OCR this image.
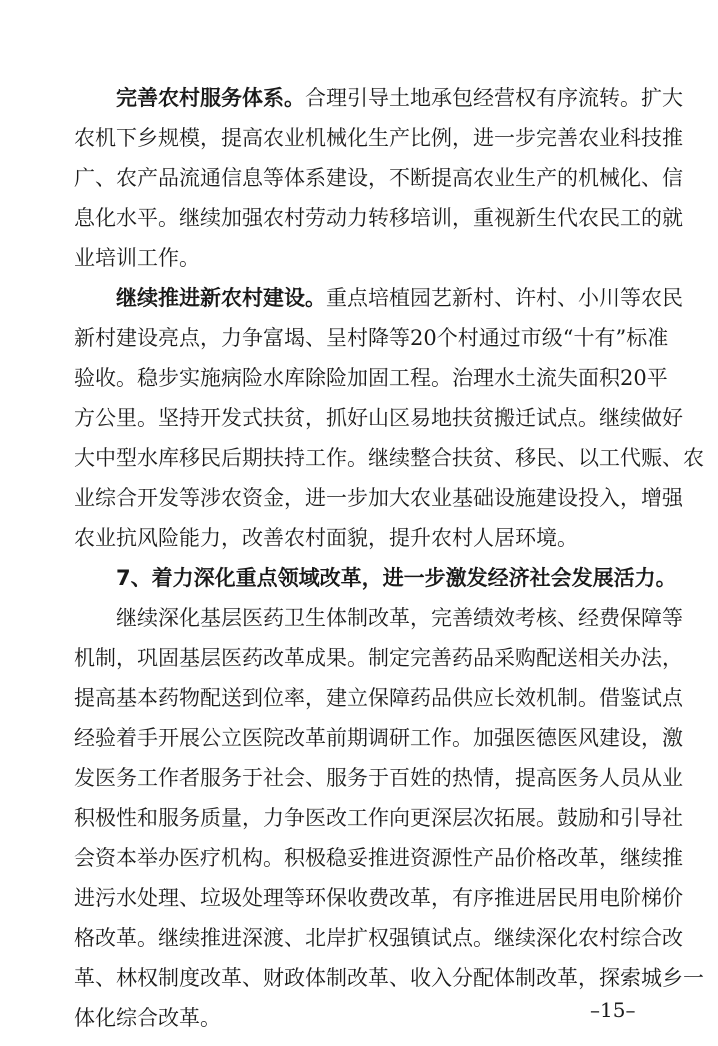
完善农村服务体系。合理引导土地承包经营权有序流转。扩大
农机下乡规模，提高农业机械化生产比例，进一步完善农业科技推
广、农产品流通信息等体系建设，不断提高农业生产的机械化、信
息化水平。继续加强农村劳动力转移培训，重视新生代农民工的就
业培训工作。
继续推进新农村建设。重点培植园艺新村、许村、小川等农民
新村建设亮点，力争富堨、呈村降等20个村通过市级“十有”标准
验收。稳步实施病险水库除险加固工程。治理水土流失面积20平
方公里。坚持开发式扶贫，抓好山区易地扶贫搬迁试点。继续做好
大中型水库移民后期扶持工作。继续整合扶贫、移民、以工代赈、农
业综合开发等涉农资金，进一步加大农业基础设施建设投入，增强
农业抗风险能力，改善农村面貌，提升农村人居环境。
7、着力深化重点领域改革，进一步激发经济社会发展活力。
继续深化基层医药卫生体制改革，完善绩效考核、经费保障等
机制，巩固基层医药改革成果。制定完善药品采购配送相关办法，
提高基本药物配送到位率，建立保障药品供应长效机制。借鉴试点
经验着手开展公立医院改革前期调研工作。加强医德医风建设，激
发医务工作者服务于社会、服务于百姓的热情，提高医务人员从业
积极性和服务质量，力争医改工作向更深层次拓展。鼓励和引导社
会资本举办医疗机构。积极稳妥推进资源性产品价格改革，继续推
进污水处理、垃圾处理等环保收费改革，有序推进居民用电阶梯价
格改革。继续推进深渡、北岸扩权强镇试点。继续深化农村综合改
革、林权制度改革、财政体制改革、收入分配体制改革，探索城乡一
体化综合改革。	–15–
